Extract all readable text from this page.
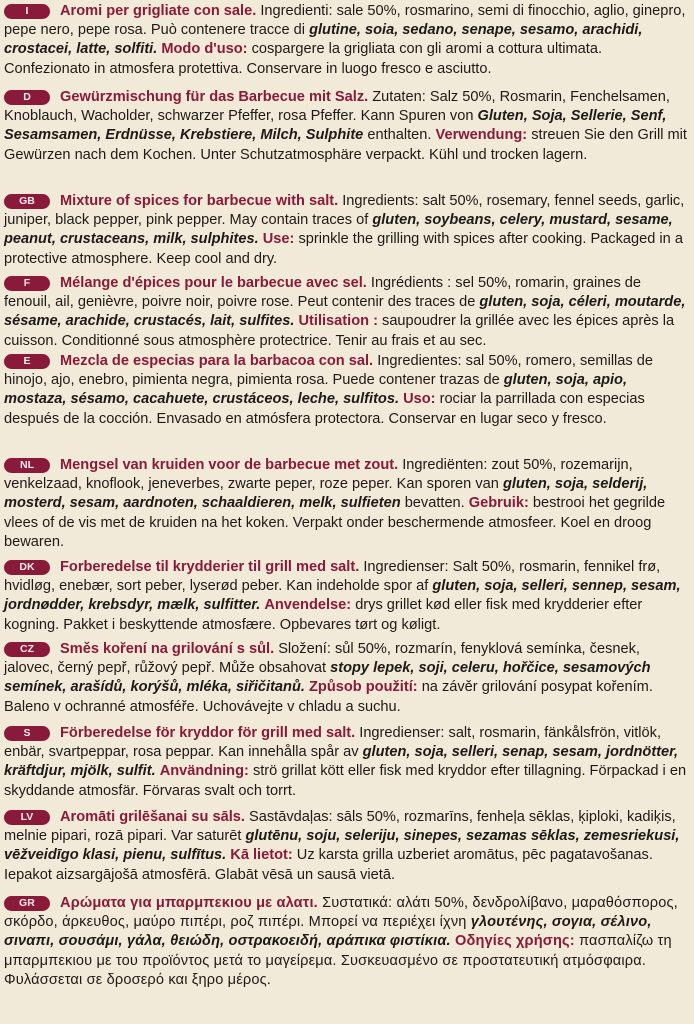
I Aromi per grigliate con sale. Ingredienti: sale 50%, rosmarino, semi di finocchio, aglio, ginepro, pepe nero, pepe rosa. Può contenere tracce di glutine, soia, sedano, senape, sesamo, arachidi, crostacei, latte, solfiti. Modo d'uso: cospargere la grigliata con gli aromi a cottura ultimata. Confezionato in atmosfera protettiva. Conservare in luogo fresco e asciutto.
D Gewürzmischung für das Barbecue mit Salz. Zutaten: Salz 50%, Rosmarin, Fenchelsamen, Knoblauch, Wacholder, schwarzer Pfeffer, rosa Pfeffer. Kann Spuren von Gluten, Soja, Sellerie, Senf, Sesamsamen, Erdnüsse, Krebstiere, Milch, Sulphite enthalten. Verwendung: streuen Sie den Grill mit Gewürzen nach dem Kochen. Unter Schutzatmosphäre verpackt. Kühl und trocken lagern.
GB Mixture of spices for barbecue with salt. Ingredients: salt 50%, rosemary, fennel seeds, garlic, juniper, black pepper, pink pepper. May contain traces of gluten, soybeans, celery, mustard, sesame, peanut, crustaceans, milk, sulphites. Use: sprinkle the grilling with spices after cooking. Packaged in a protective atmosphere. Keep cool and dry.
F Mélange d'épices pour le barbecue avec sel. Ingrédients : sel 50%, romarin, graines de fenouil, ail, genièvre, poivre noir, poivre rose. Peut contenir des traces de gluten, soja, céleri, moutarde, sésame, arachide, crustacés, lait, sulfites. Utilisation : saupoudrer la grillée avec les épices après la cuisson. Conditionné sous atmosphère protectrice. Tenir au frais et au sec.
E Mezcla de especias para la barbacoa con sal. Ingredientes: sal 50%, romero, semillas de hinojo, ajo, enebro, pimienta negra, pimienta rosa. Puede contener trazas de gluten, soja, apio, mostaza, sésamo, cacahuete, crustáceos, leche, sulfitos. Uso: rociar la parrillada con especias después de la cocción. Envasado en atmósfera protectora. Conservar en lugar seco y fresco.
NL Mengsel van kruiden voor de barbecue met zout. Ingrediënten: zout 50%, rozemarijn, venkelzaad, knoflook, jeneverbes, zwarte peper, roze peper. Kan sporen van gluten, soja, selderij, mosterd, sesam, aardnoten, schaaldieren, melk, sulfieten bevatten. Gebruik: bestrooi het gegrilde vlees of de vis met de kruiden na het koken. Verpakt onder beschermende atmosfeer. Koel en droog bewaren.
DK Forberedelse til krydderier til grill med salt. Ingredienser: Salt 50%, rosmarin, fennikel frø, hvidløg, enebær, sort peber, lyserød peber. Kan indeholde spor af gluten, soja, selleri, sennep, sesam, jordnødder, krebsdyr, mælk, sulfitter. Anvendelse: drys grillet kød eller fisk med krydderier efter kogning. Pakket i beskyttende atmosfære. Opbevares tørt og køligt.
CZ Směs koření na grilování s sůl. Složení: sůl 50%, rozmarín, fenyklová semínka, česnek, jalovec, černý pepř, růžový pepř. Může obsahovat stopy lepek, soji, celeru, hořčice, sesamových semínek, arašídů, korýšů, mléka, siřičitanů. Způsob použití: na závěr grilování posypat kořením. Baleno v ochranné atmosféře. Uchovávejte v chladu a suchu.
S Förberedelse för kryddor för grill med salt. Ingredienser: salt, rosmarin, fänkålsfrön, vitlök, enbär, svartpeppar, rosa peppar. Kan innehålla spår av gluten, soja, selleri, senap, sesam, jordnötter, kräftdjur, mjölk, sulfit. Användning: strö grillat kött eller fisk med kryddor efter tillagning. Förpackad i en skyddande atmosfär. Förvaras svalt och torrt.
LV Aromāti grilēšanai su sāls. Sastāvdaļas: sāls 50%, rozmarīns, fenheļa sēklas, ķiploki, kadiķis, melnie pipari, rozā pipari. Var saturēt glutēnu, soju, seleriju, sinepes, sezamas sēklas, zemesriekusi, vēžveidīgo klasi, pienu, sulfītus. Kā lietot: Uz karsta grilla uzberiet aromātus, pēc pagatavošanas. Iepakot aizsargājošā atmosfērā. Glabāt vēsā un sausā vietā.
GR Αρώματα για μπαρμπεκιου με αλατι. Συστατικά: αλάτι 50%, δενδρολίβανο, μαραθόσπορος, σκόρδο, άρκευθος, μαύρο πιπέρι, ροζ πιπέρι. Μπορεί να περιέχει ίχνη γλουτένης, σογια, σέλινο, σιναπι, σουσάμι, γάλα, θειώδη, οστρακοειδή, αράπικα φιστίκια. Οδηγίες χρήσης: πασπαλίζω τη μπαρμπεκιου με του προϊόντος μετά το μαγείρεμα. Συσκευασμένο σε προστατευτική ατμόσφαιρα. Φυλάσσεται σε δροσερό και ξηρο μέρος.
